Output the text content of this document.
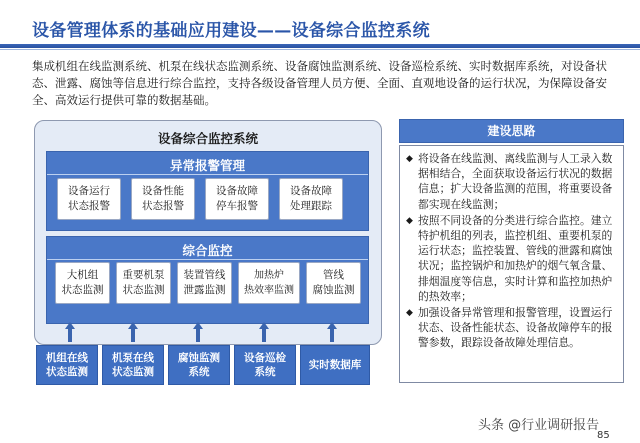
设备管理体系的基础应用建设——设备综合监控系统
集成机组在线监测系统、机泵在线状态监测系统、设备腐蚀监测系统、设备巡检系统、实时数据库系统，对设备状态、泄露、腐蚀等信息进行综合监控，支持各级设备管理人员方便、全面、直观地设备的运行状况，为保障设备安全、高效运行提供可靠的数据基础。
设备综合监控系统
异常报警管理
设备运行
状态报警
设备性能
状态报警
设备故障
停车报警
设备故障
处理跟踪
综合监控
大机组
状态监测
重要机泵
状态监测
装置管线
泄露监测
加热炉
热效率监测
管线
腐蚀监测
机组在线
状态监测
机泵在线
状态监测
腐蚀监测
系统
设备巡检
系统
实时数据库
建设思路
◆ 将设备在线监测、离线监测与人工录入数据相结合，全面获取设备运行状况的数据信息；扩大设备监测的范围，将重要设备都实现在线监测；
◆ 按照不同设备的分类进行综合监控。建立特护机组的列表，监控机组、重要机泵的运行状态；监控装置、管线的泄露和腐蚀状况；监控锅炉和加热炉的烟气氧含量、排烟温度等信息，实时计算和监控加热炉的热效率；
◆ 加强设备异常管理和报警管理，设置运行状态、设备性能状态、设备故障停车的报警参数，跟踪设备故障处理信息。
头条 @行业调研报告
85
